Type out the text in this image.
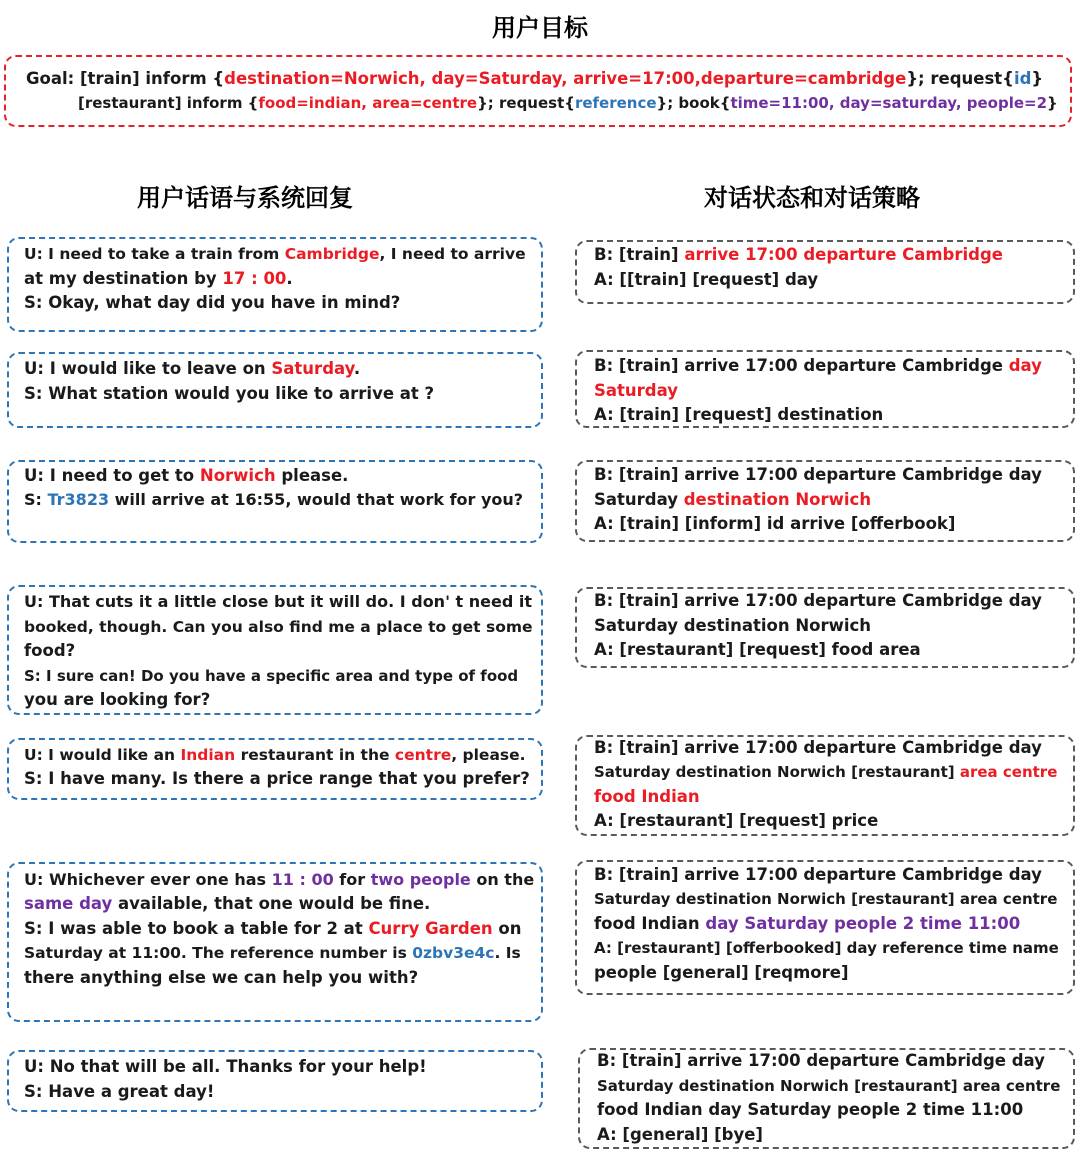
用户目标
用户话语与系统回复	对话状态和对话策略
Goal: [train] inform {destination=Norwich, day=Saturday, arrive=17:00,departure=cambridge}; request{id}
[restaurant] inform {food=indian, area=centre}; request{reference}; book{time=11:00, day=saturday, people=2}
U: I need to take a train from Cambridge, I need to arrive
at my destination by 17 : 00.
S: Okay, what day did you have in mind?
U: I would like to leave on Saturday.
S: What station would you like to arrive at ?
U: I need to get to Norwich please.
S: Tr3823 will arrive at 16:55, would that work for you?
U: That cuts it a little close but it will do. I don' t need it
booked, though. Can you also find me a place to get some
food?
S: I sure can! Do you have a specific area and type of food
you are looking for?
U: I would like an Indian restaurant in the centre, please.
S: I have many. Is there a price range that you prefer?
U: Whichever ever one has 11 : 00 for two people on the
same day available, that one would be fine.
S: I was able to book a table for 2 at Curry Garden on
Saturday at 11:00. The reference number is 0zbv3e4c. Is
there anything else we can help you with?
U: No that will be all. Thanks for your help!
S: Have a great day!
B: [train] arrive 17:00 departure Cambridge
A: [[train] [request] day
B: [train] arrive 17:00 departure Cambridge day
Saturday
A: [train] [request] destination
B: [train] arrive 17:00 departure Cambridge day
Saturday destination Norwich
A: [train] [inform] id arrive [offerbook]
B: [train] arrive 17:00 departure Cambridge day
Saturday destination Norwich
A: [restaurant] [request] food area
B: [train] arrive 17:00 departure Cambridge day
Saturday destination Norwich [restaurant] area centre
food Indian
A: [restaurant] [request] price
B: [train] arrive 17:00 departure Cambridge day
Saturday destination Norwich [restaurant] area centre
food Indian day Saturday people 2 time 11:00
A: [restaurant] [offerbooked] day reference time name
people [general] [reqmore]
B: [train] arrive 17:00 departure Cambridge day
Saturday destination Norwich [restaurant] area centre
food Indian day Saturday people 2 time 11:00
A: [general] [bye]
